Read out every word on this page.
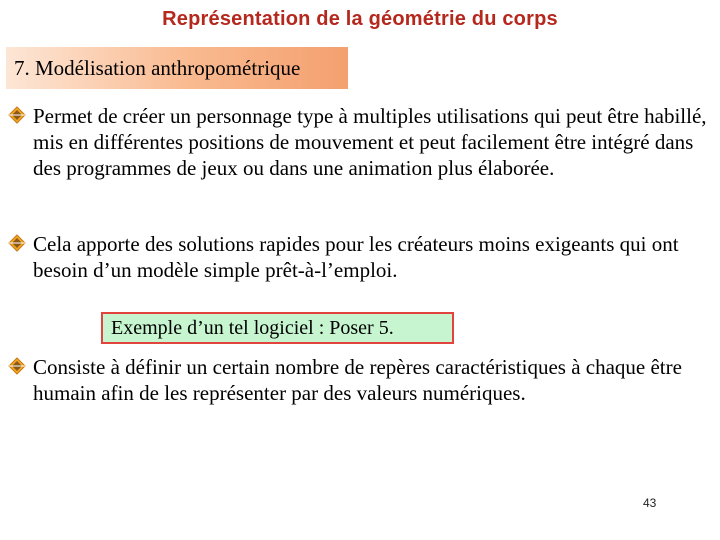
Représentation de la géométrie du corps
7. Modélisation anthropométrique
Permet de créer un personnage type à multiples utilisations qui peut être habillé, mis en différentes positions de mouvement et peut facilement être intégré dans des programmes de jeux ou dans une animation plus élaborée.
Cela apporte des solutions rapides pour les créateurs moins exigeants qui ont besoin d’un modèle simple prêt-à-l’emploi.
Exemple d’un tel logiciel : Poser 5.
Consiste à définir un certain nombre de repères caractéristiques à chaque être humain afin de les représenter par des valeurs numériques.
43
